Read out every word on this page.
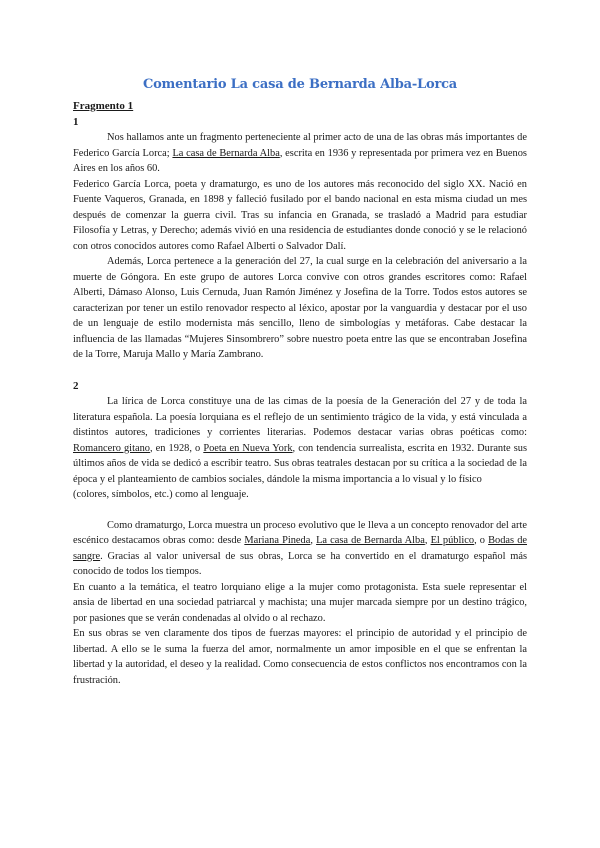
Comentario La casa de Bernarda Alba-Lorca

Fragmento 1

1

Nos hallamos ante un fragmento perteneciente al primer acto de una de las obras más importantes de Federico García Lorca; La casa de Bernarda Alba, escrita en 1936 y representada por primera vez en Buenos Aires en los años 60.

Federico García Lorca, poeta y dramaturgo, es uno de los autores más reconocido del siglo XX. Nació en Fuente Vaqueros, Granada, en 1898 y falleció fusilado por el bando nacional en esta misma ciudad un mes después de comenzar la guerra civil. Tras su infancia en Granada, se trasladó a Madrid para estudiar Filosofía y Letras, y Derecho; además vivió en una residencia de estudiantes donde conoció y se le relacionó con otros conocidos autores como Rafael Alberti o Salvador Dalí.

Además, Lorca pertenece a la generación del 27, la cual surge en la celebración del aniversario a la muerte de Góngora. En este grupo de autores Lorca convive con otros grandes escritores como: Rafael Alberti, Dámaso Alonso, Luis Cernuda, Juan Ramón Jiménez y Josefina de la Torre. Todos estos autores se caracterizan por tener un estilo renovador respecto al léxico, apostar por la vanguardia y destacar por el uso de un lenguaje de estilo modernista más sencillo, lleno de simbologías y metáforas. Cabe destacar la influencia de las llamadas “Mujeres Sinsombrero” sobre nuestro poeta entre las que se encontraban Josefina de la Torre, Maruja Mallo y María Zambrano.

2

La lírica de Lorca constituye una de las cimas de la poesía de la Generación del 27 y de toda la literatura española. La poesía lorquiana es el reflejo de un sentimiento trágico de la vida, y está vinculada a distintos autores, tradiciones y corrientes literarias. Podemos destacar varias obras poéticas como: Romancero gitano, en 1928, o Poeta en Nueva York, con tendencia surrealista, escrita en 1932. Durante sus últimos años de vida se dedicó a escribir teatro. Sus obras teatrales destacan por su crítica a la sociedad de la época y el planteamiento de cambios sociales, dándole la misma importancia a lo visual y lo físico

(colores, símbolos, etc.) como al lenguaje.

Como dramaturgo, Lorca muestra un proceso evolutivo que le lleva a un concepto renovador del arte escénico destacamos obras como: desde Mariana Pineda, La casa de Bernarda Alba, El público, o Bodas de sangre. Gracias al valor universal de sus obras, Lorca se ha convertido en el dramaturgo español más conocido de todos los tiempos.

En cuanto a la temática, el teatro lorquiano elige a la mujer como protagonista. Esta suele representar el ansia de libertad en una sociedad patriarcal y machista; una mujer marcada siempre por un destino trágico, por pasiones que se verán condenadas al olvido o al rechazo.

En sus obras se ven claramente dos tipos de fuerzas mayores: el principio de autoridad y el principio de libertad. A ello se le suma la fuerza del amor, normalmente un amor imposible en el que se enfrentan la libertad y la autoridad, el deseo y la realidad. Como consecuencia de estos conflictos nos encontramos con la frustración.
